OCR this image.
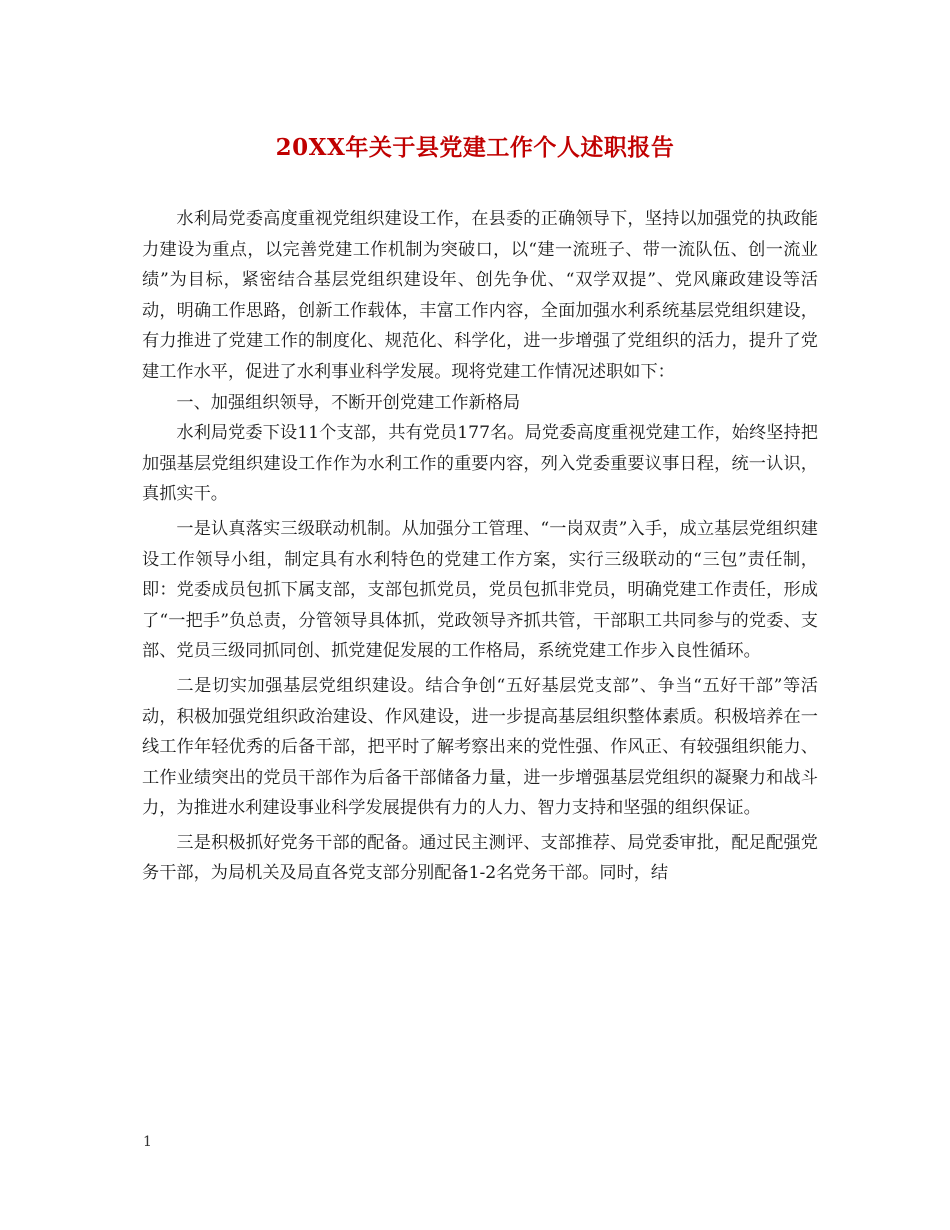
20XX年关于县党建工作个人述职报告

水利局党委高度重视党组织建设工作，在县委的正确领导下，坚持以加强党的执政能力建设为重点，以完善党建工作机制为突破口，以“建一流班子、带一流队伍、创一流业绩”为目标，紧密结合基层党组织建设年、创先争优、“双学双提”、党风廉政建设等活动，明确工作思路，创新工作载体，丰富工作内容，全面加强水利系统基层党组织建设，有力推进了党建工作的制度化、规范化、科学化，进一步增强了党组织的活力，提升了党建工作水平，促进了水利事业科学发展。现将党建工作情况述职如下：

一、加强组织领导，不断开创党建工作新格局

水利局党委下设11个支部，共有党员177名。局党委高度重视党建工作，始终坚持把加强基层党组织建设工作作为水利工作的重要内容，列入党委重要议事日程，统一认识，真抓实干。

一是认真落实三级联动机制。从加强分工管理、“一岗双责”入手，成立基层党组织建设工作领导小组，制定具有水利特色的党建工作方案，实行三级联动的“三包”责任制，即：党委成员包抓下属支部，支部包抓党员，党员包抓非党员，明确党建工作责任，形成了“一把手”负总责，分管领导具体抓，党政领导齐抓共管，干部职工共同参与的党委、支部、党员三级同抓同创、抓党建促发展的工作格局，系统党建工作步入良性循环。

二是切实加强基层党组织建设。结合争创“五好基层党支部”、争当“五好干部”等活动，积极加强党组织政治建设、作风建设，进一步提高基层组织整体素质。积极培养在一线工作年轻优秀的后备干部，把平时了解考察出来的党性强、作风正、有较强组织能力、工作业绩突出的党员干部作为后备干部储备力量，进一步增强基层党组织的凝聚力和战斗力，为推进水利建设事业科学发展提供有力的人力、智力支持和坚强的组织保证。

三是积极抓好党务干部的配备。通过民主测评、支部推荐、局党委审批，配足配强党务干部，为局机关及局直各党支部分别配备1-2名党务干部。同时，结

1
